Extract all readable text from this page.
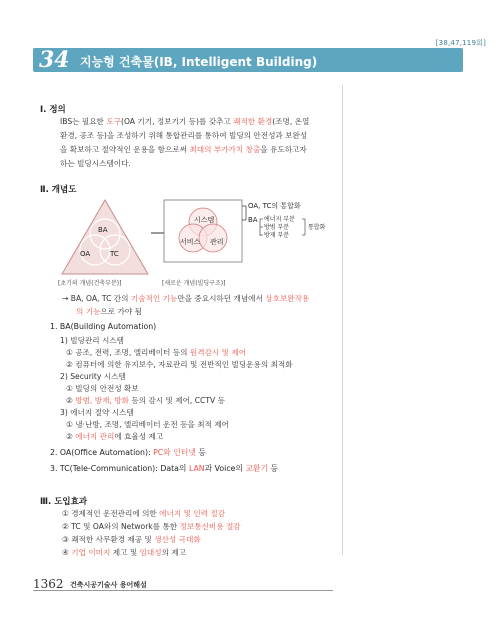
[38,47,119회]
34 지능형 건축물(IB, Intelligent Building)
Ⅰ. 정의
IBS는 필요한 도구(OA 기기, 정보기기 등)를 갖추고 쾌적한 환경(조명, 온열
환경, 공조 등)을 조성하기 위해 통합관리를 통하여 빌딩의 안전성과 보완성
을 확보하고 절약적인 운용을 함으로써 최대의 부가가치 창출을 유도하고자
하는 빌딩시스템이다.
Ⅱ. 개념도
BA
OA	TC
시스템
서비스 관리
OA, TC의 통합화
BA 에너지 부분
방범 부분
방재 부분
통합화
[초기의 개념(건축부분)]	[새로운 개념(빌딩구조)]
→ BA, OA, TC 간의 기술적인 기능만을 중요시하던 개념에서 상호보완작용
의 기능으로 가야 됨
1. BA(Building Automation)
1) 빌딩관리 시스템
① 공조, 전력, 조명, 엘리베이터 등의 원격감시 및 제어
② 컴퓨터에 의한 유지보수, 자료관리 및 전반적인 빌딩운용의 최적화
2) Security 시스템
① 빌딩의 안전성 확보
② 방범, 방재, 방화 등의 감시 및 제어, CCTV 등
3) 에너지 절약 시스템
① 냉·난방, 조명, 엘리베이터 운전 등을 최적 제어
② 에너지 관리에 효율성 제고
2. OA(Office Automation): PC와 인터넷 등
3. TC(Tele-Communication): Data의 LAN과 Voice의 교환기 등
Ⅲ. 도입효과
① 경제적인 운전관리에 의한 에너지 및 인력 절감
② TC 및 OA와의 Network를 통한 정보통신비용 절감
③ 쾌적한 사무환경 제공 및 생산성 극대화
④ 기업 이미지 제고 및 임대성의 제고
1362 건축시공기술사 용어해설
